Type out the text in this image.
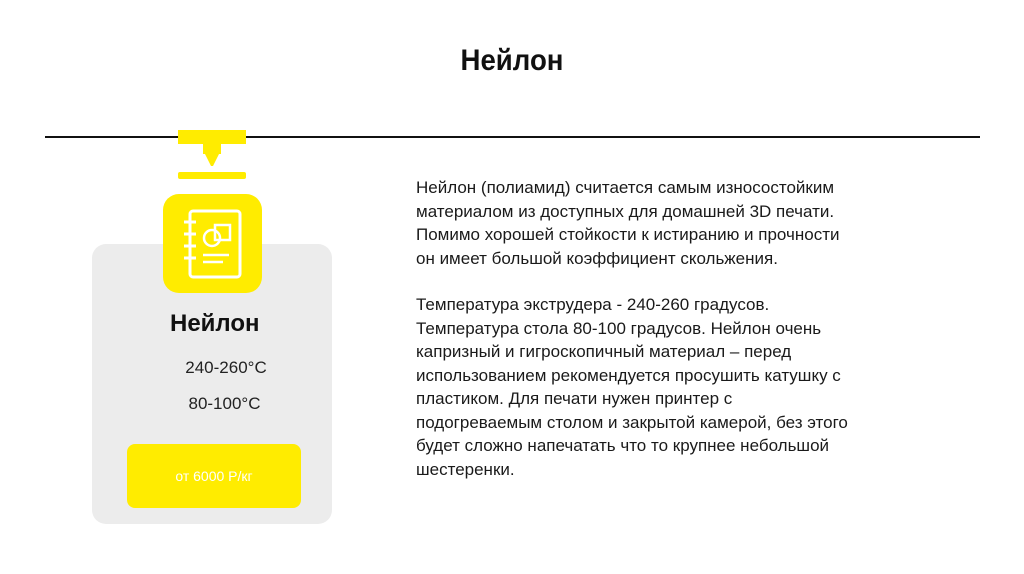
Нейлон
Нейлон
240-260°C
80-100°C
от 6000 Р/кг

Нейлон (полиамид) считается самым износостойким
материалом из доступных для домашней 3D печати.
Помимо хорошей стойкости к истиранию и прочности
он имеет большой коэффициент скольжения.

Температура экструдера - 240-260 градусов.
Температура стола 80-100 градусов. Нейлон очень
капризный и гигроскопичный материал – перед
использованием рекомендуется просушить катушку с
пластиком. Для печати нужен принтер с
подогреваемым столом и закрытой камерой, без этого
будет сложно напечатать что то крупнее небольшой
шестеренки.
